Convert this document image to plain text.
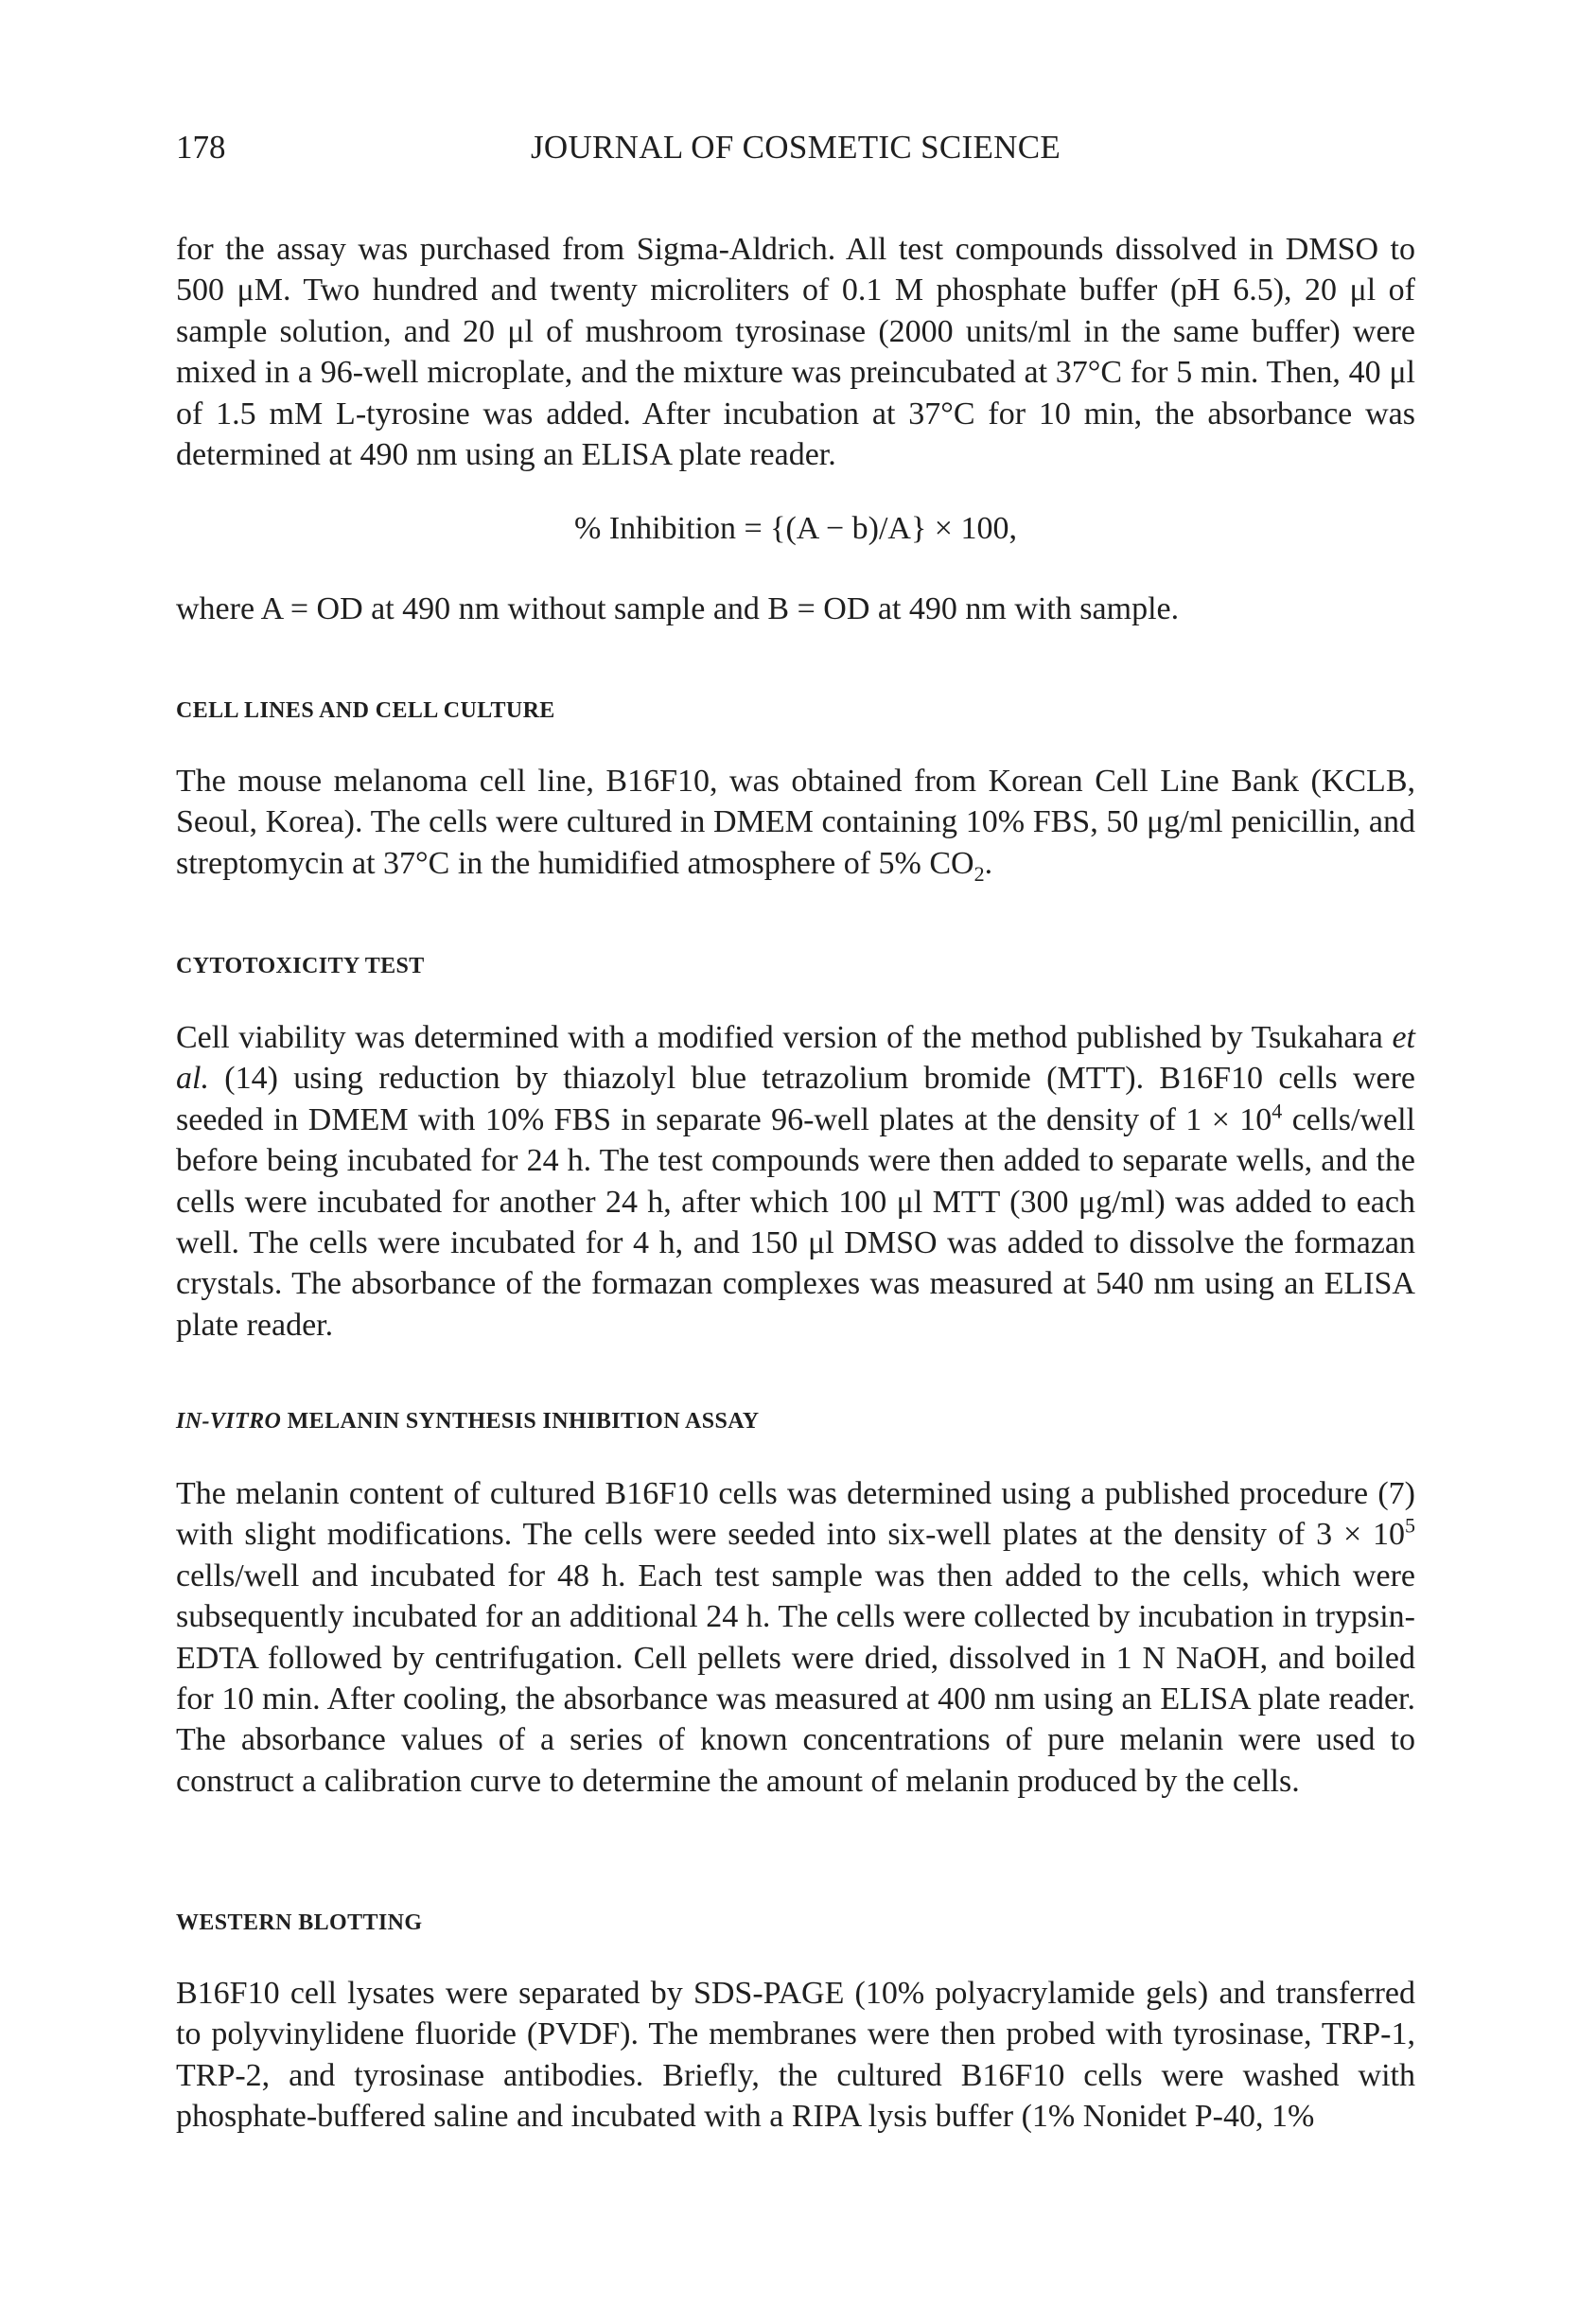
178	JOURNAL OF COSMETIC SCIENCE

for the assay was purchased from Sigma-Aldrich. All test compounds dissolved in DMSO to 500 μM. Two hundred and twenty microliters of 0.1 M phosphate buffer (pH 6.5), 20 μl of sample solution, and 20 μl of mushroom tyrosinase (2000 units/ml in the same buffer) were mixed in a 96-well microplate, and the mixture was preincubated at 37°C for 5 min. Then, 40 μl of 1.5 mM L-tyrosine was added. After incubation at 37°C for 10 min, the absorbance was determined at 490 nm using an ELISA plate reader.

% Inhibition = {(A − b)/A} × 100,

where A = OD at 490 nm without sample and B = OD at 490 nm with sample.

CELL LINES AND CELL CULTURE

The mouse melanoma cell line, B16F10, was obtained from Korean Cell Line Bank (KCLB, Seoul, Korea). The cells were cultured in DMEM containing 10% FBS, 50 μg/ml penicillin, and streptomycin at 37°C in the humidified atmosphere of 5% $CO_2$.

CYTOTOXICITY TEST

Cell viability was determined with a modified version of the method published by Tsukahara et al. (14) using reduction by thiazolyl blue tetrazolium bromide (MTT). B16F10 cells were seeded in DMEM with 10% FBS in separate 96-well plates at the density of $1 \times 10^4$ cells/well before being incubated for 24 h. The test compounds were then added to separate wells, and the cells were incubated for another 24 h, after which 100 μl MTT (300 μg/ml) was added to each well. The cells were incubated for 4 h, and 150 μl DMSO was added to dissolve the formazan crystals. The absorbance of the formazan complexes was measured at 540 nm using an ELISA plate reader.

IN-VITRO MELANIN SYNTHESIS INHIBITION ASSAY

The melanin content of cultured B16F10 cells was determined using a published procedure (7) with slight modifications. The cells were seeded into six-well plates at the density of $3 \times 10^5$ cells/well and incubated for 48 h. Each test sample was then added to the cells, which were subsequently incubated for an additional 24 h. The cells were collected by incubation in trypsin-EDTA followed by centrifugation. Cell pellets were dried, dissolved in 1 N NaOH, and boiled for 10 min. After cooling, the absorbance was measured at 400 nm using an ELISA plate reader. The absorbance values of a series of known concentrations of pure melanin were used to construct a calibration curve to determine the amount of melanin produced by the cells.

WESTERN BLOTTING

B16F10 cell lysates were separated by SDS-PAGE (10% polyacrylamide gels) and transferred to polyvinylidene fluoride (PVDF). The membranes were then probed with tyrosinase, TRP-1, TRP-2, and tyrosinase antibodies. Briefly, the cultured B16F10 cells were washed with phosphate-buffered saline and incubated with a RIPA lysis buffer (1% Nonidet P-40, 1%
